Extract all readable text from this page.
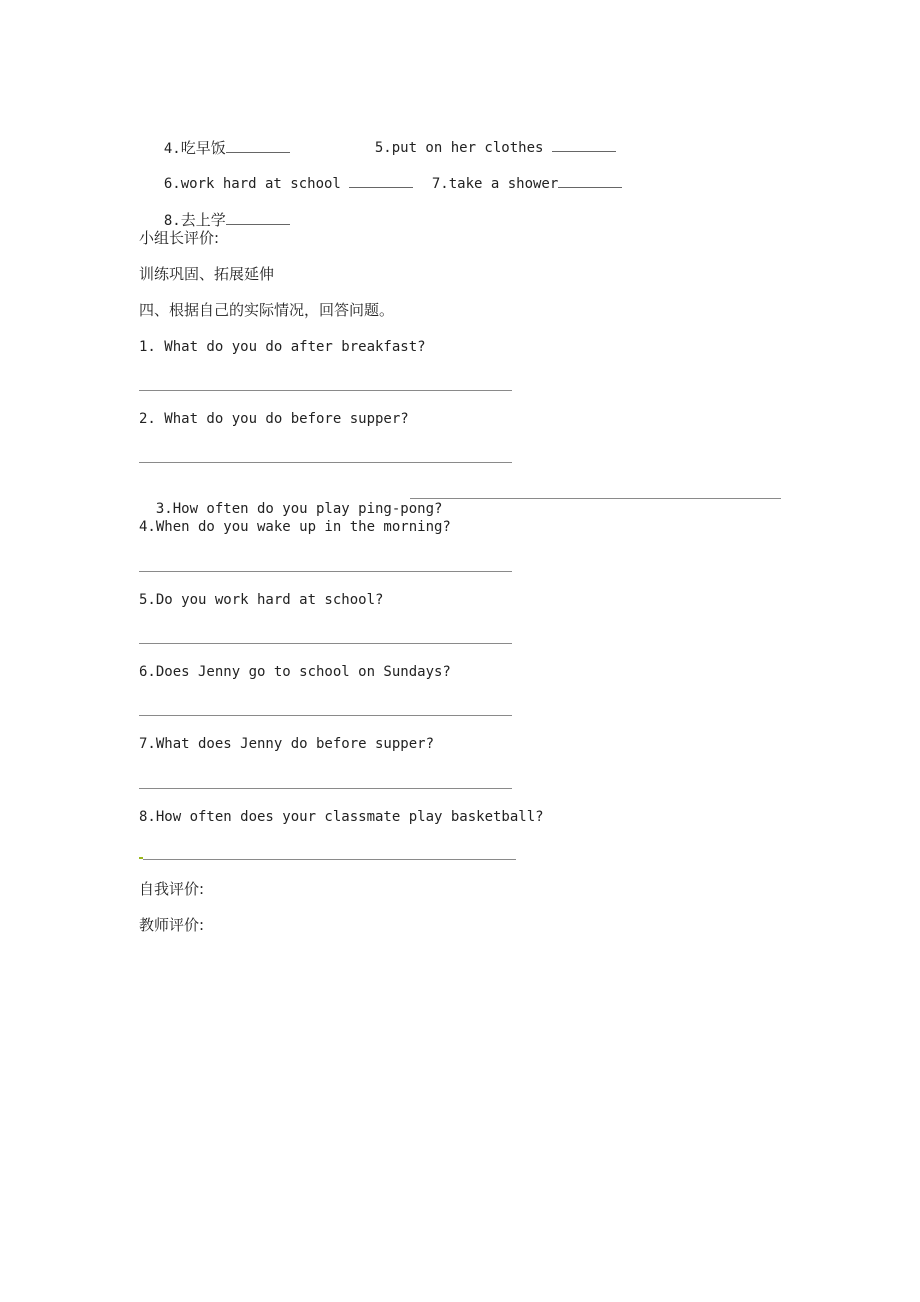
4.吃早饭	5.put on her clothes

6.work hard at school	7.take a shower

8.去上学

小组长评价:
训练巩固、拓展延伸
四、根据自己的实际情况，回答问题。
1. What do you do after breakfast?
2. What do you do before supper?

3.How often do you play ping-pong?

4.When do you wake up in the morning?
5.Do you work hard at school?
6.Does Jenny go to school on Sundays?
7.What does Jenny do before supper?
8.How often does your classmate play basketball?
自我评价:
教师评价:
